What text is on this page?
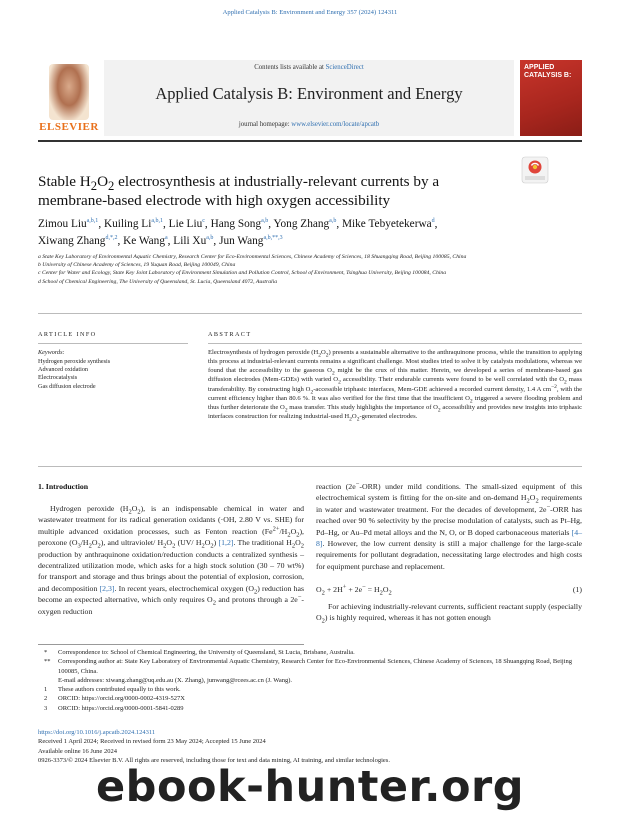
Applied Catalysis B: Environment and Energy 357 (2024) 124311
ELSEVIER
Contents lists available at ScienceDirect
Applied Catalysis B: Environment and Energy
journal homepage: www.elsevier.com/locate/apcatb
APPLIED CATALYSIS B:
Stable $H_2O_2$ electrosynthesis at industrially-relevant currents by a membrane-based electrode with high oxygen accessibility
Zimou Liu$^{a,b,1}$, Kuiling Li$^{a,b,1}$, Lie Liu$^c$, Hang Song$^{a,b}$, Yong Zhang$^{a,b}$, Mike Tebyetekerwa$^d$,
Xiwang Zhang$^{d,*,2}$, Ke Wang$^a$, Lili Xu$^{a,b}$, Jun Wang$^{a,b,**,3}$
a State Key Laboratory of Environmental Aquatic Chemistry, Research Center for Eco-Environmental Sciences, Chinese Academy of Sciences, 18 Shuangqing Road, Beijing 100085, China
b University of Chinese Academy of Sciences, 19 Yuquan Road, Beijing 100049, China
c Center for Water and Ecology, State Key Joint Laboratory of Environment Simulation and Pollution Control, School of Environment, Tsinghua University, Beijing 100084, China
d School of Chemical Engineering, The University of Queensland, St. Lucia, Queensland 4072, Australia
ARTICLE INFO
Keywords:
Hydrogen peroxide synthesis
Advanced oxidation
Electrocatalysis
Gas diffusion electrode
ABSTRACT
Electrosynthesis of hydrogen peroxide $(H_2O_2)$ presents a sustainable alternative to the anthraquinone process, while the transition to applying this process at industrial-relevant currents remains a significant challenge. Most studies tried to solve it by catalysts modulations, whereas we found that the accessibility to the gaseous $O_2$ might be the crux of this matter. Herein, we developed a series of membrane-based gas diffusion electrodes (Mem-GDEs) with varied $O_2$ accessibility. Their endurable currents were found to be well correlated with the $O_2$ mass transferability. By constructing high $O_2$-accessible triphasic interfaces, Mem-GDE achieved a recorded current density, 1.4 A $cm^{-2}$, with the current efficiency higher than 80.6 %. It was also verified for the first time that the insufficient $O_2$ triggered a severe flooding problem and thus further deteriorate the $O_2$ mass transfer. This study highlights the importance of $O_2$ accessibility and provides new insights into triphasic interfaces construction for realizing industrial-used $H_2O_2$-generated electrodes.
1. Introduction

Hydrogen peroxide $(H_2O_2)$, is an indispensable chemical in water and wastewater treatment for its radical generation oxidants (·OH, 2.80 V vs. SHE) for multiple advanced oxidation processes, such as Fenton reaction $(Fe^{2+}/H_2O_2)$, peroxone $(O_3/H_2O_2)$, and ultraviolet/ $H_2O_2$ (UV/ $H_2O_2$) [1,2]. The traditional $H_2O_2$ production by anthraquinone oxidation/reduction conducts a centralized synthesis – decentralized utilization mode, which asks for a high stock solution (30 – 70 wt%) for transport and storage and thus brings about the potential of explosion, corrosion, and decomposition [2,3]. In recent years, electrochemical oxygen $(O_2)$ reduction has become an expected alternative, which only requires $O_2$ and protons through a 2e−-oxygen reduction

reaction (2e−-ORR) under mild conditions. The small-sized equipment of this electrochemical system is fitting for the on-site and on-demand $H_2O_2$ requirements in water and wastewater treatment. For the decades of development, 2e−-ORR has reached over 90 % selectivity by the precise modulation of catalysts, such as Pt–Hg, Pd–Hg, or Au–Pd metal alloys and the N, O, or B doped carbonaceous materials [4–8]. However, the low current density is still a major challenge for the large-scale requirements for pollutant degradation, necessitating large electrodes and high costs for equipment purchase and replacement.

$O_2 + 2H^+ + 2e^- = H_2O_2$	(1)

For achieving industrially-relevant currents, sufficient reactant supply (especially $O_2$) is highly required, whereas it has not gotten enough

*	Correspondence to: School of Chemical Engineering, the University of Queensland, St Lucia, Brisbane, Australia.
**	Corresponding author at: State Key Laboratory of Environmental Aquatic Chemistry, Research Center for Eco-Environmental Sciences, Chinese Academy of Sciences, 18 Shuangqing Road, Beijing 100085, China.
E-mail addresses: xiwang.zhang@uq.edu.au (X. Zhang), junwang@rcees.ac.cn (J. Wang).
1	These authors contributed equally to this work.
2	ORCID: https://orcid.org/0000-0002-4319-527X
3	ORCID: https://orcid.org/0000-0001-5841-0289
https://doi.org/10.1016/j.apcatb.2024.124311
Received 1 April 2024; Received in revised form 23 May 2024; Accepted 15 June 2024
Available online 16 June 2024
0926-3373/© 2024 Elsevier B.V. All rights are reserved, including those for text and data mining, AI training, and similar technologies.
ebook-hunter.org
